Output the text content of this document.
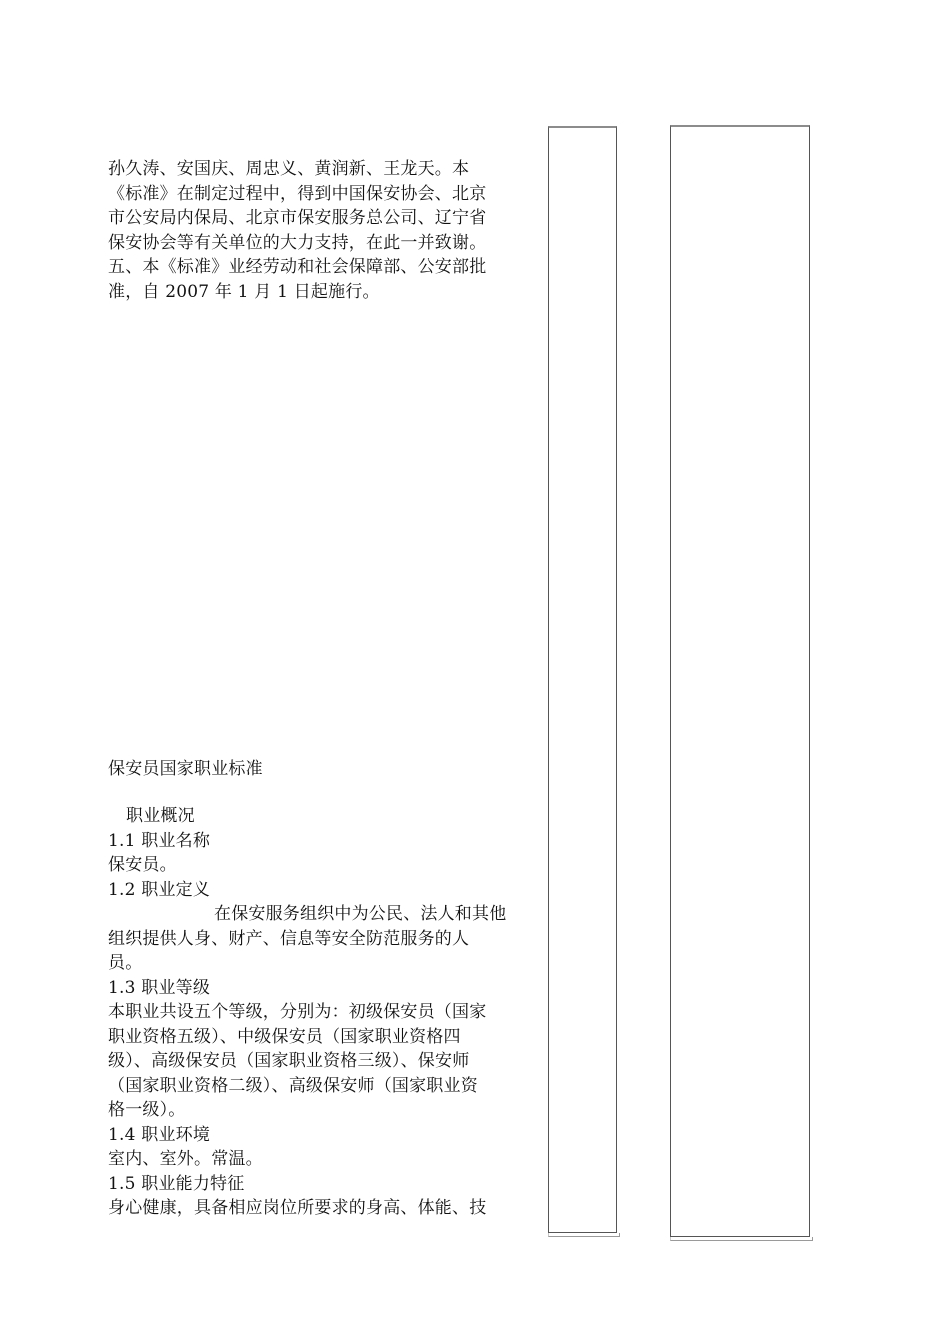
孙久涛、安国庆、周忠义、黄润新、王龙天。本

《标准》在制定过程中，得到中国保安协会、北京

市公安局内保局、北京市保安服务总公司、辽宁省

保安协会等有关单位的大力支持，在此一并致谢。

五、本《标准》业经劳动和社会保障部、公安部批

准，自 2007 年 1 月 1 日起施行。

保安员国家职业标准

职业概况

1.1 职业名称

保安员。

1.2 职业定义

在保安服务组织中为公民、法人和其他

组织提供人身、财产、信息等安全防范服务的人

员。

1.3 职业等级

本职业共设五个等级，分别为：初级保安员（国家

职业资格五级）、中级保安员（国家职业资格四

级）、高级保安员（国家职业资格三级）、保安师

（国家职业资格二级）、高级保安师（国家职业资

格一级）。

1.4 职业环境

室内、室外。常温。

1.5 职业能力特征

身心健康，具备相应岗位所要求的身高、体能、技
